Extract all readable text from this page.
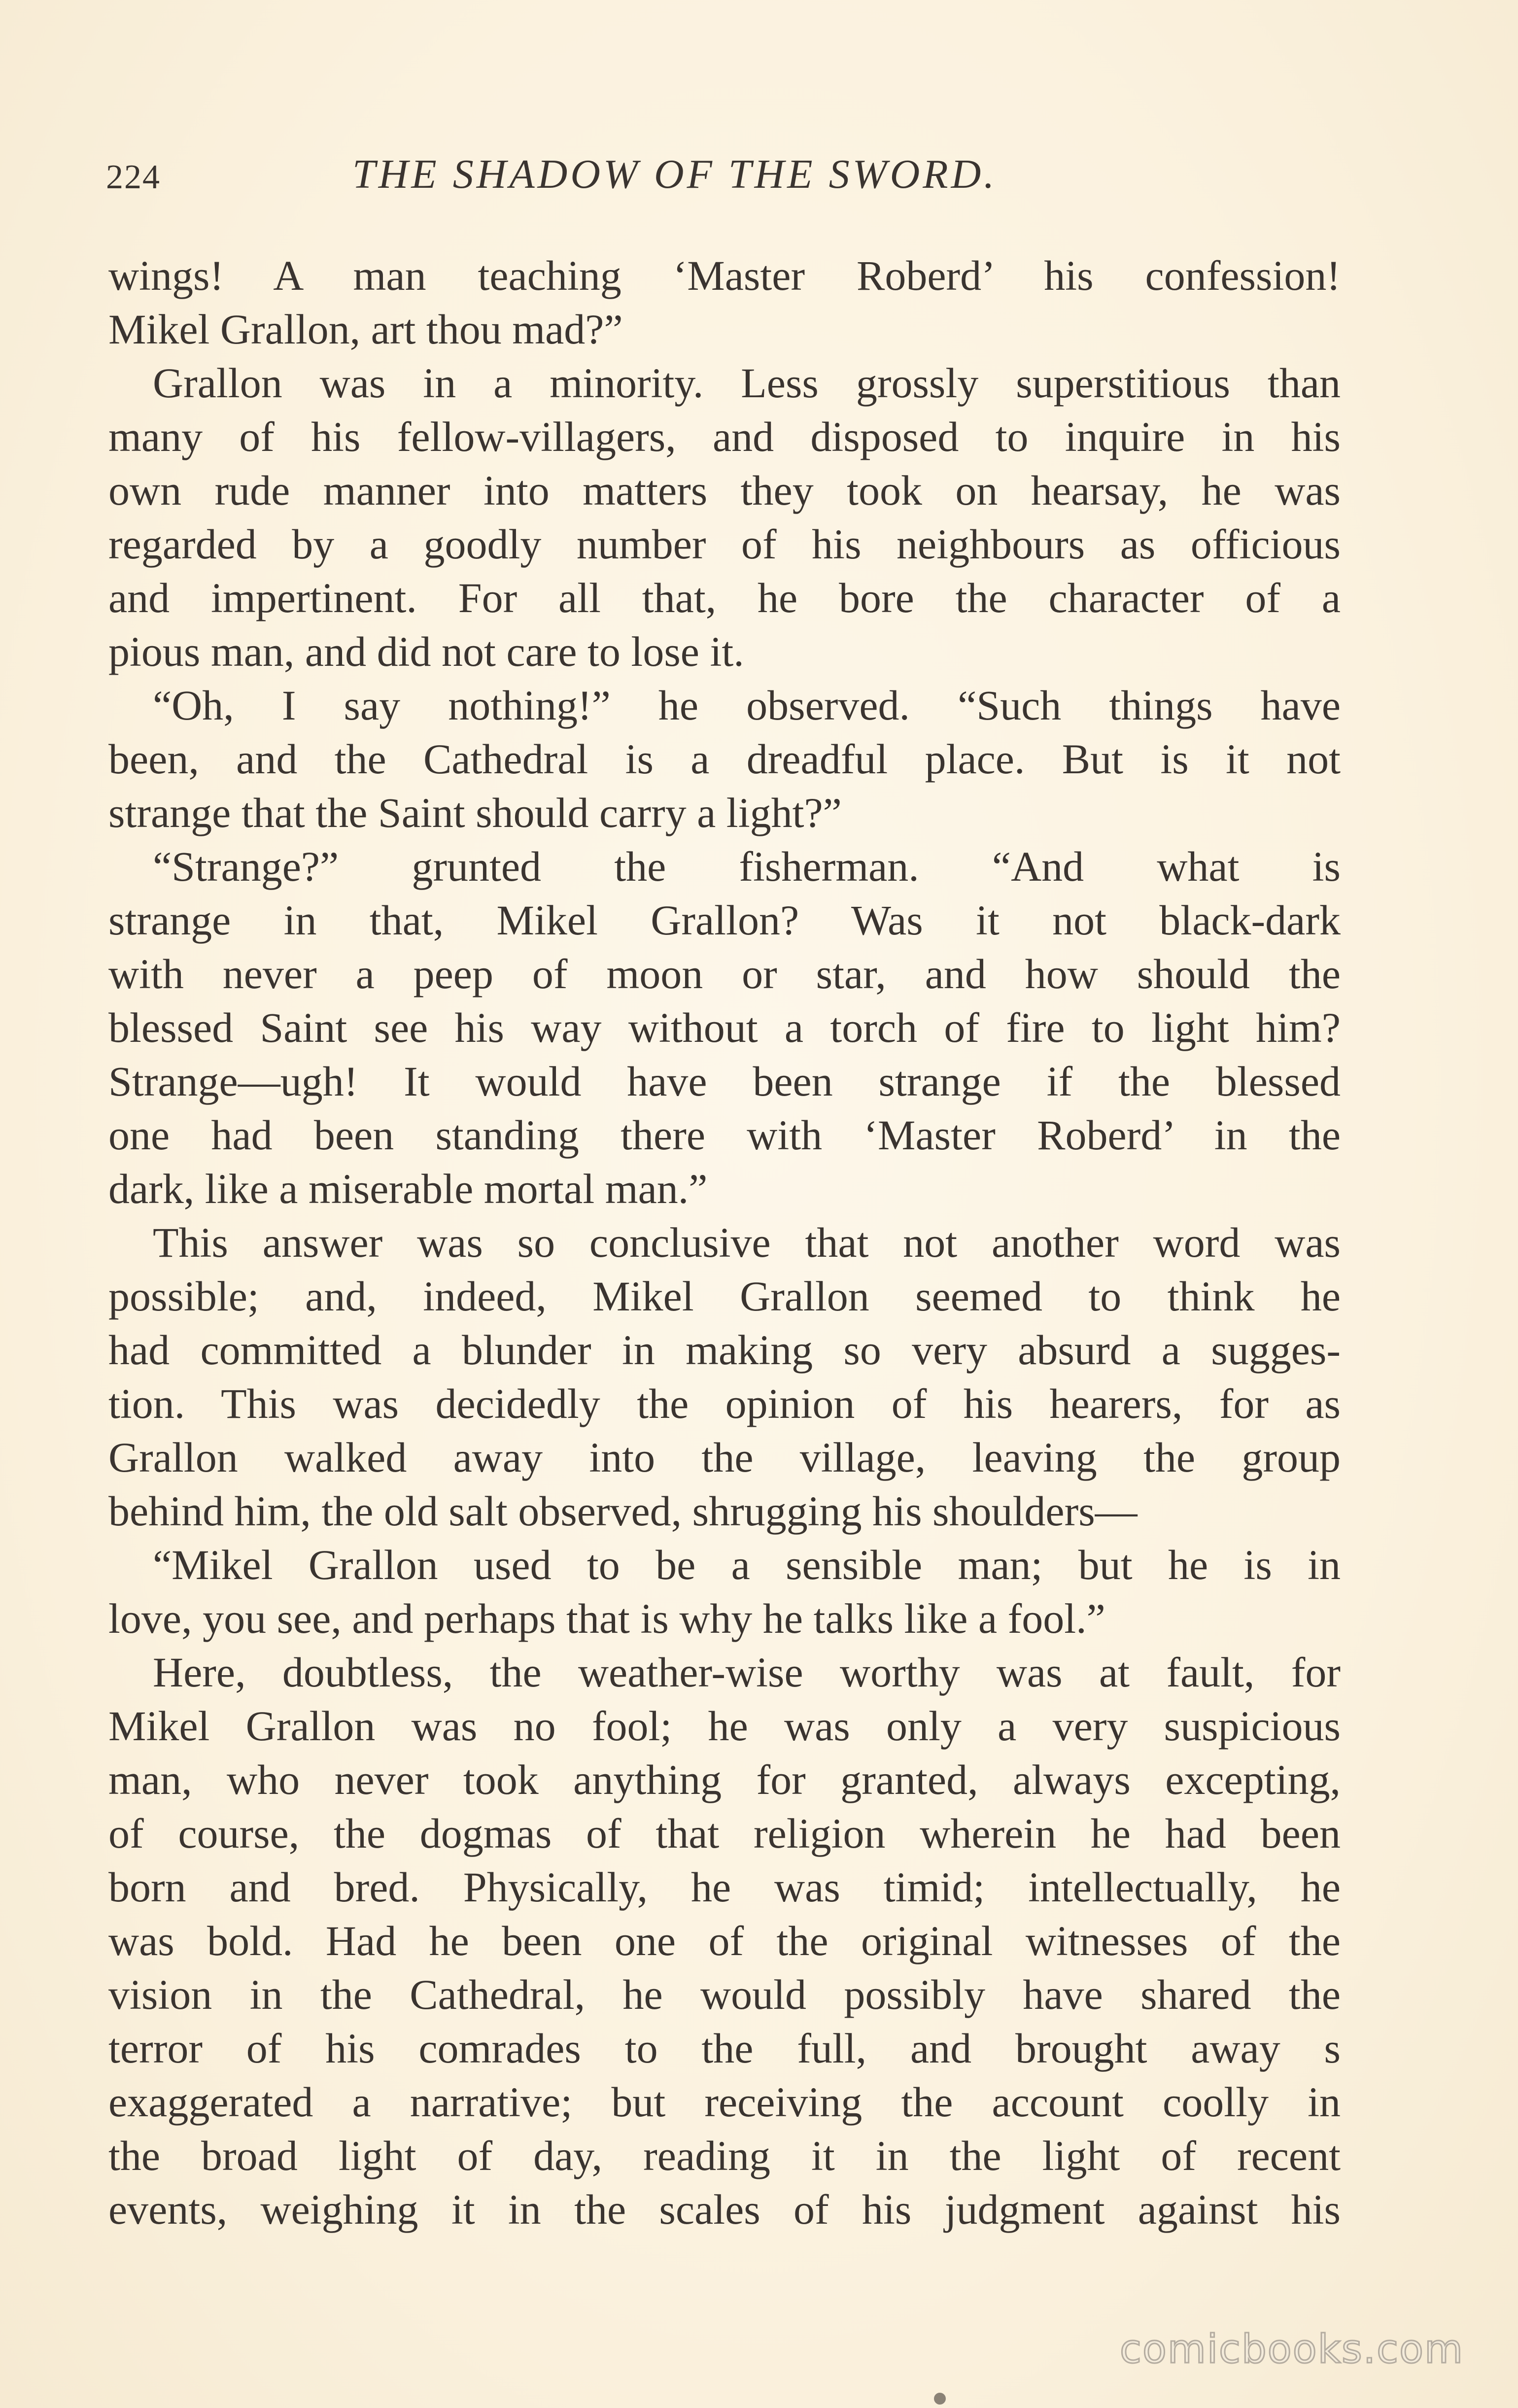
224	THE SHADOW OF THE SWORD.
wings! A man teaching ‘Master Roberd’ his confession!
Mikel Grallon, art thou mad?”
Grallon was in a minority. Less grossly superstitious than
many of his fellow-villagers, and disposed to inquire in his
own rude manner into matters they took on hearsay, he was
regarded by a goodly number of his neighbours as officious
and impertinent. For all that, he bore the character of a
pious man, and did not care to lose it.
“Oh, I say nothing!” he observed. “Such things have
been, and the Cathedral is a dreadful place. But is it not
strange that the Saint should carry a light?”
“Strange?” grunted the fisherman. “And what is
strange in that, Mikel Grallon? Was it not black-dark
with never a peep of moon or star, and how should the
blessed Saint see his way without a torch of fire to light him?
Strange—ugh! It would have been strange if the blessed
one had been standing there with ‘Master Roberd’ in the
dark, like a miserable mortal man.”
This answer was so conclusive that not another word was
possible; and, indeed, Mikel Grallon seemed to think he
had committed a blunder in making so very absurd a sugges-
tion. This was decidedly the opinion of his hearers, for as
Grallon walked away into the village, leaving the group
behind him, the old salt observed, shrugging his shoulders—
“Mikel Grallon used to be a sensible man; but he is in
love, you see, and perhaps that is why he talks like a fool.”
Here, doubtless, the weather-wise worthy was at fault, for
Mikel Grallon was no fool; he was only a very suspicious
man, who never took anything for granted, always excepting,
of course, the dogmas of that religion wherein he had been
born and bred. Physically, he was timid; intellectually, he
was bold. Had he been one of the original witnesses of the
vision in the Cathedral, he would possibly have shared the
terror of his comrades to the full, and brought away s
exaggerated a narrative; but receiving the account coolly in
the broad light of day, reading it in the light of recent
events, weighing it in the scales of his judgment against his
comicbooks.com
